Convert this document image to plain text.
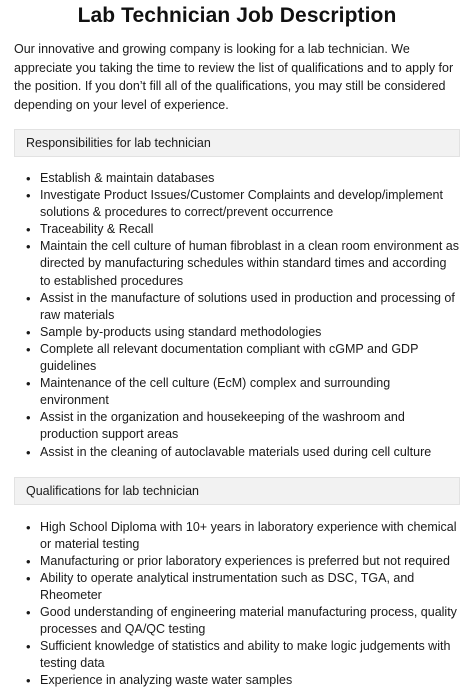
Lab Technician Job Description

Our innovative and growing company is looking for a lab technician. We appreciate you taking the time to review the list of qualifications and to apply for the position. If you don’t fill all of the qualifications, you may still be considered depending on your level of experience.

Responsibilities for lab technician
• Establish & maintain databases
• Investigate Product Issues/Customer Complaints and develop/implement solutions & procedures to correct/prevent occurrence
• Traceability & Recall
• Maintain the cell culture of human fibroblast in a clean room environment as directed by manufacturing schedules within standard times and according to established procedures
• Assist in the manufacture of solutions used in production and processing of raw materials
• Sample by-products using standard methodologies
• Complete all relevant documentation compliant with cGMP and GDP guidelines
• Maintenance of the cell culture (EcM) complex and surrounding environment
• Assist in the organization and housekeeping of the washroom and production support areas
• Assist in the cleaning of autoclavable materials used during cell culture
Qualifications for lab technician
• High School Diploma with 10+ years in laboratory experience with chemical or material testing
• Manufacturing or prior laboratory experiences is preferred but not required
• Ability to operate analytical instrumentation such as DSC, TGA, and Rheometer
• Good understanding of engineering material manufacturing process, quality processes and QA/QC testing
• Sufficient knowledge of statistics and ability to make logic judgements with testing data
• Experience in analyzing waste water samples
